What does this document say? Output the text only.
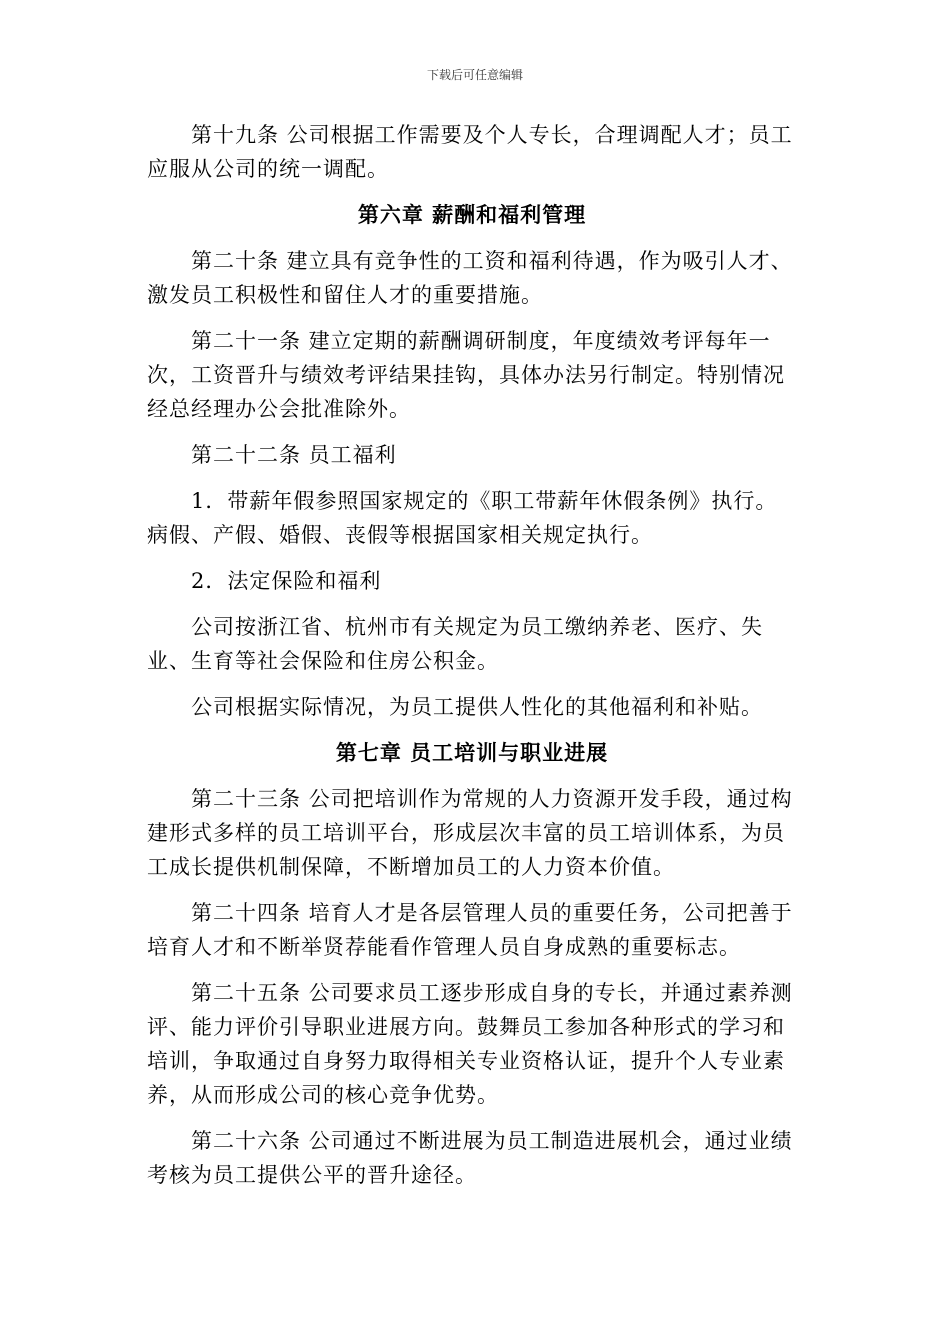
下载后可任意编辑

第十九条 公司根据工作需要及个人专长，合理调配人才；员工应服从公司的统一调配。

第六章 薪酬和福利管理

第二十条 建立具有竞争性的工资和福利待遇，作为吸引人才、激发员工积极性和留住人才的重要措施。

第二十一条 建立定期的薪酬调研制度，年度绩效考评每年一次，工资晋升与绩效考评结果挂钩，具体办法另行制定。特别情况经总经理办公会批准除外。

第二十二条 员工福利

1．带薪年假参照国家规定的《职工带薪年休假条例》执行。病假、产假、婚假、丧假等根据国家相关规定执行。

2．法定保险和福利

公司按浙江省、杭州市有关规定为员工缴纳养老、医疗、失业、生育等社会保险和住房公积金。

公司根据实际情况，为员工提供人性化的其他福利和补贴。

第七章 员工培训与职业进展

第二十三条 公司把培训作为常规的人力资源开发手段，通过构建形式多样的员工培训平台，形成层次丰富的员工培训体系，为员工成长提供机制保障，不断增加员工的人力资本价值。

第二十四条 培育人才是各层管理人员的重要任务，公司把善于培育人才和不断举贤荐能看作管理人员自身成熟的重要标志。

第二十五条 公司要求员工逐步形成自身的专长，并通过素养测评、能力评价引导职业进展方向。鼓舞员工参加各种形式的学习和培训，争取通过自身努力取得相关专业资格认证，提升个人专业素养，从而形成公司的核心竞争优势。

第二十六条 公司通过不断进展为员工制造进展机会，通过业绩考核为员工提供公平的晋升途径。
